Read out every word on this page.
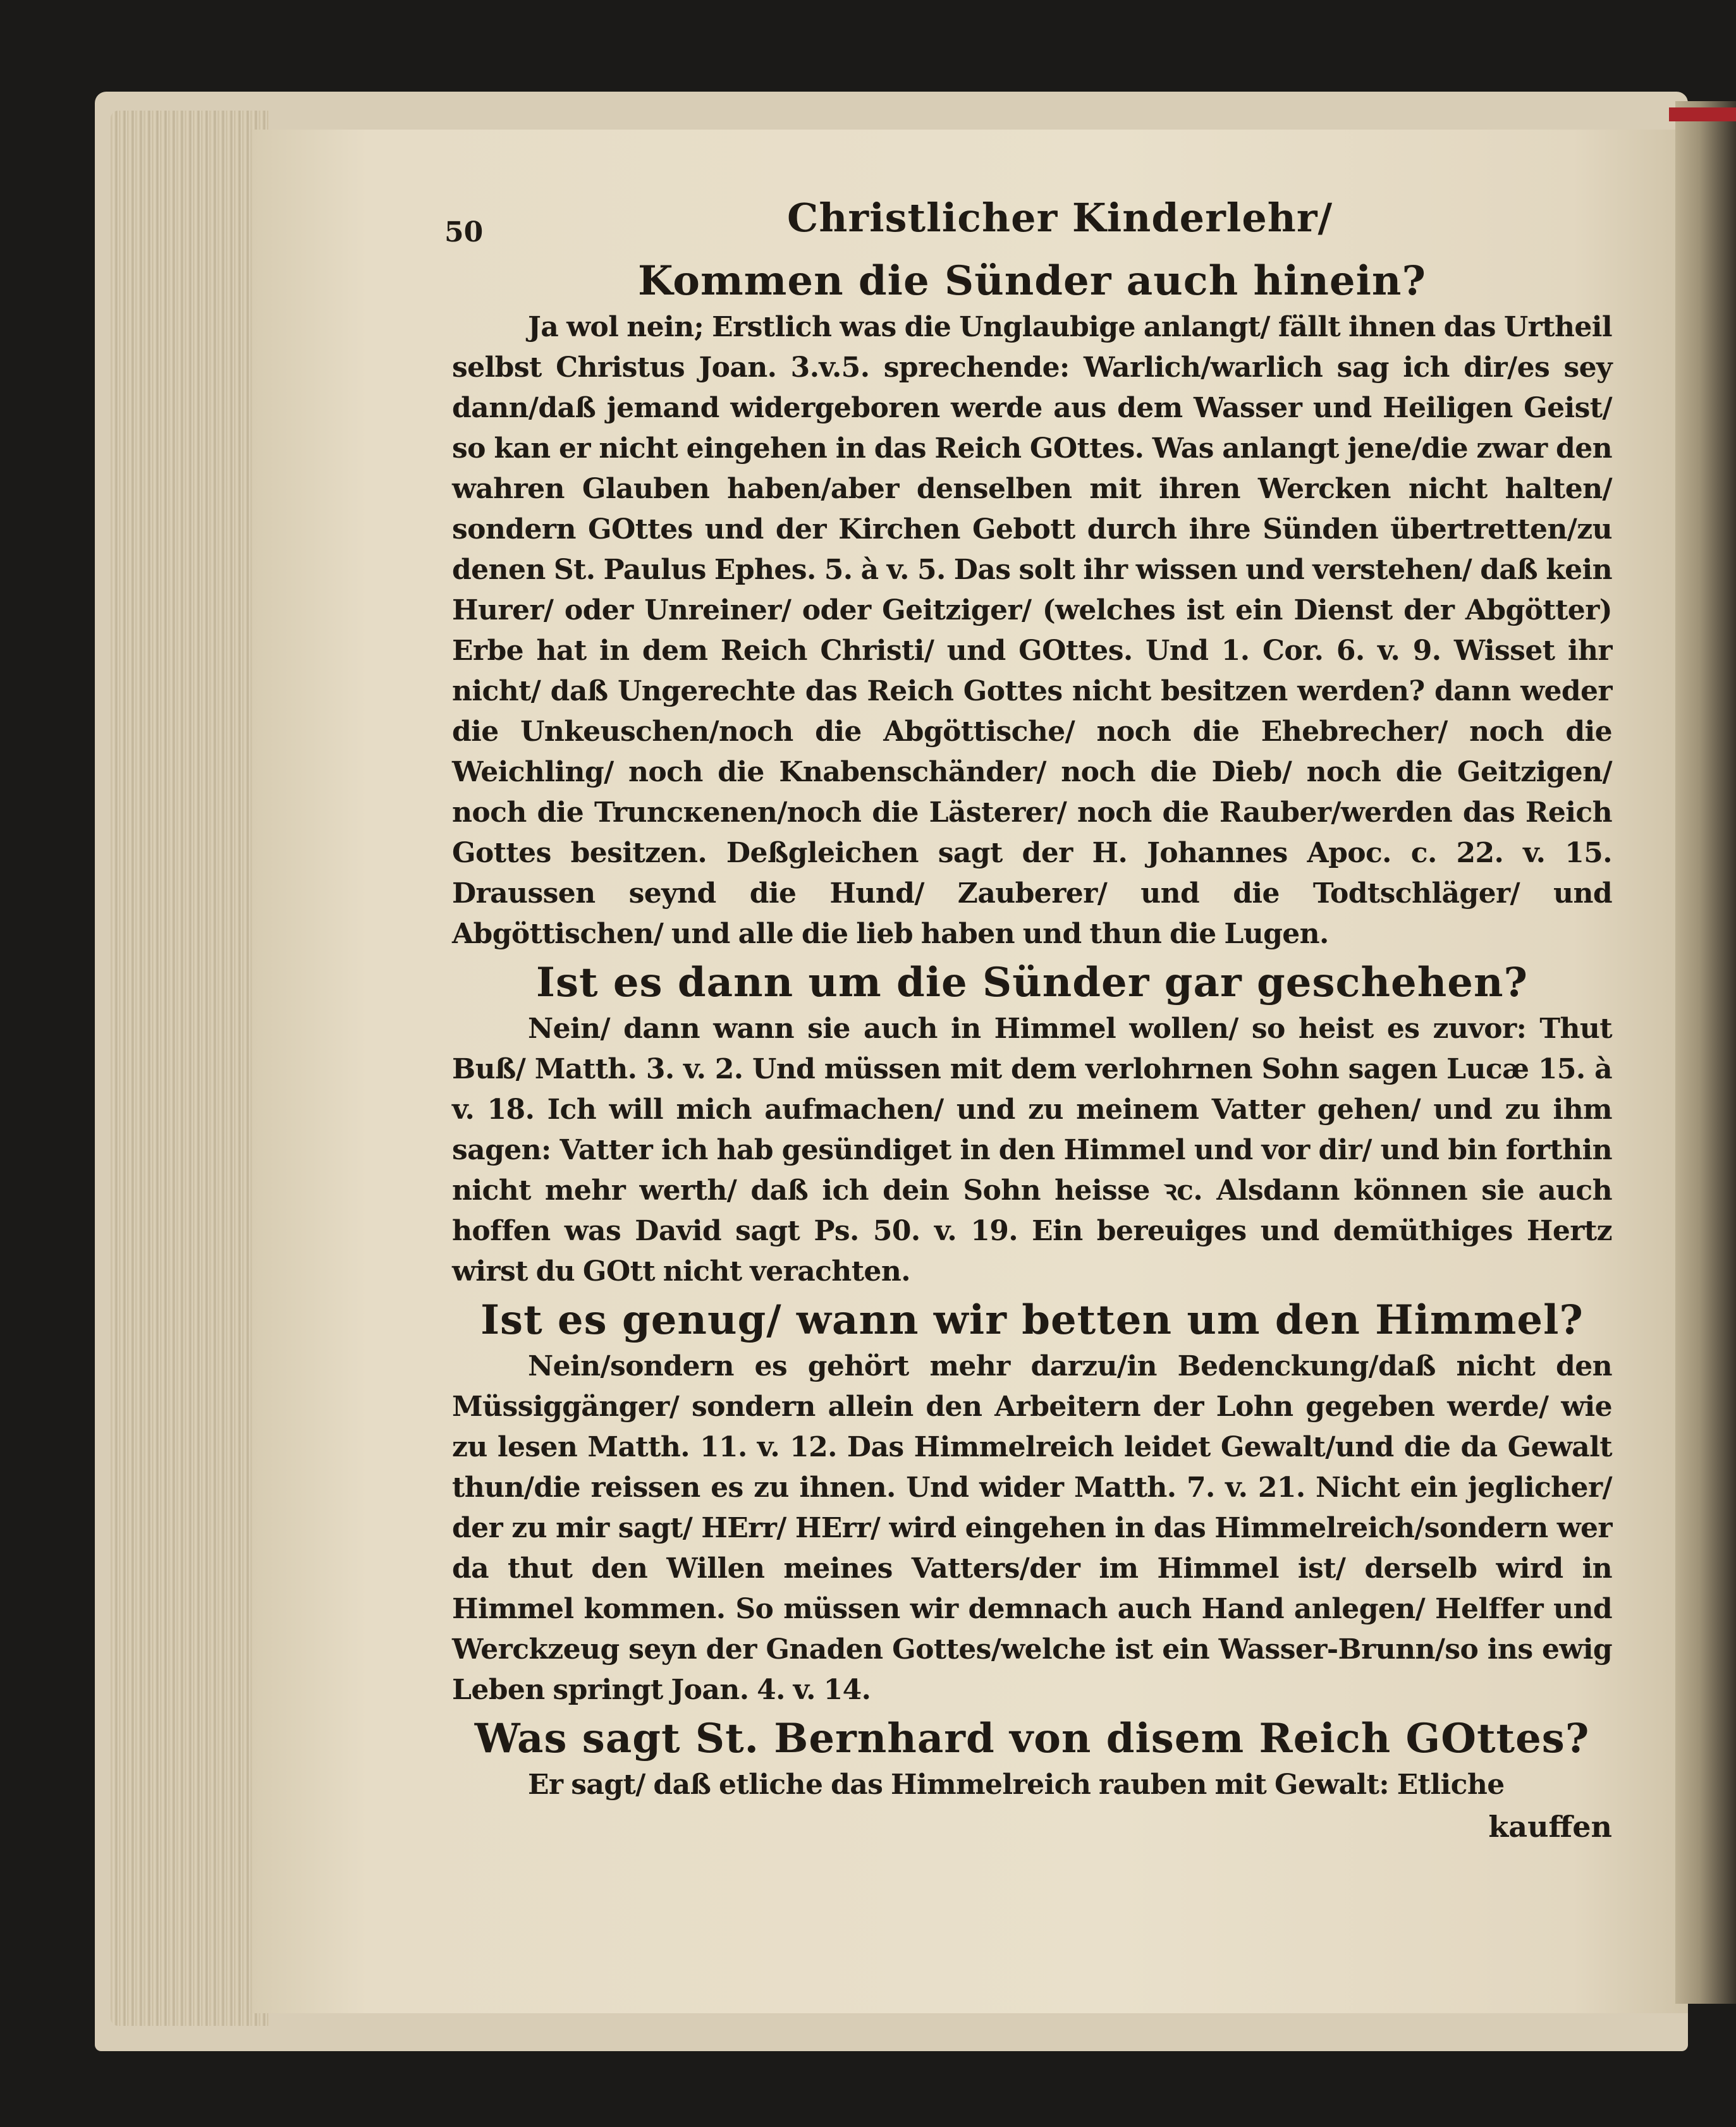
50	Christlicher Kinderlehr/
Kommen die Sünder auch hinein?

Ja wol nein; Erstlich was die Unglaubige anlangt/ fällt ihnen das Urtheil selbst Christus Joan. 3.v.5. sprechende: Warlich/warlich sag ich dir/es sey dann/daß jemand widergeboren werde aus dem Wasser und Heiligen Geist/ so kan er nicht eingehen in das Reich GOttes. Was anlangt jene/die zwar den wahren Glauben haben/aber denselben mit ihren Wercken nicht halten/ sondern GOttes und der Kirchen Gebott durch ihre Sünden übertretten/zu denen St. Paulus Ephes. 5. à v. 5. Das solt ihr wissen und verstehen/ daß kein Hurer/ oder Unreiner/ oder Geitziger/ (welches ist ein Dienst der Abgötter) Erbe hat in dem Reich Christi/ und GOttes. Und 1. Cor. 6. v. 9. Wisset ihr nicht/ daß Ungerechte das Reich Gottes nicht besitzen werden? dann weder die Unkeuschen/noch die Abgöttische/ noch die Ehebrecher/ noch die Weichling/ noch die Knabenschänder/ noch die Dieb/ noch die Geitzigen/ noch die Truncкenen/noch die Lästerer/ noch die Rauber/werden das Reich Gottes besitzen. Deßgleichen sagt der H. Johannes Apoc. c. 22. v. 15. Draussen seynd die Hund/ Zauberer/ und die Todtschläger/ und Abgöttischen/ und alle die lieb haben und thun die Lugen.

Ist es dann um die Sünder gar geschehen?

Nein/ dann wann sie auch in Himmel wollen/ so heist es zuvor: Thut Buß/ Matth. 3. v. 2. Und müssen mit dem verlohrnen Sohn sagen Lucæ 15. à v. 18. Ich will mich aufmachen/ und zu meinem Vatter gehen/ und zu ihm sagen: Vatter ich hab gesündiget in den Himmel und vor dir/ und bin forthin nicht mehr werth/ daß ich dein Sohn heisse ꝛc. Alsdann können sie auch hoffen was David sagt Ps. 50. v. 19. Ein bereuiges und demüthiges Hertz wirst du GOtt nicht verachten.

Ist es genug/ wann wir betten um den Himmel?

Nein/sondern es gehört mehr darzu/in Bedenckung/daß nicht den Müssiggänger/ sondern allein den Arbeitern der Lohn gegeben werde/ wie zu lesen Matth. 11. v. 12. Das Himmelreich leidet Gewalt/und die da Gewalt thun/die reissen es zu ihnen. Und wider Matth. 7. v. 21. Nicht ein jeglicher/ der zu mir sagt/ HErr/ HErr/ wird eingehen in das Himmelreich/sondern wer da thut den Willen meines Vatters/der im Himmel ist/ derselb wird in Himmel kommen. So müssen wir demnach auch Hand anlegen/ Helffer und Werckzeug seyn der Gnaden Gottes/welche ist ein Wasser-Brunn/so ins ewig Leben springt Joan. 4. v. 14.

Was sagt St. Bernhard von disem Reich GOttes?

Er sagt/ daß etliche das Himmelreich rauben mit Gewalt: Etliche

kauffen
